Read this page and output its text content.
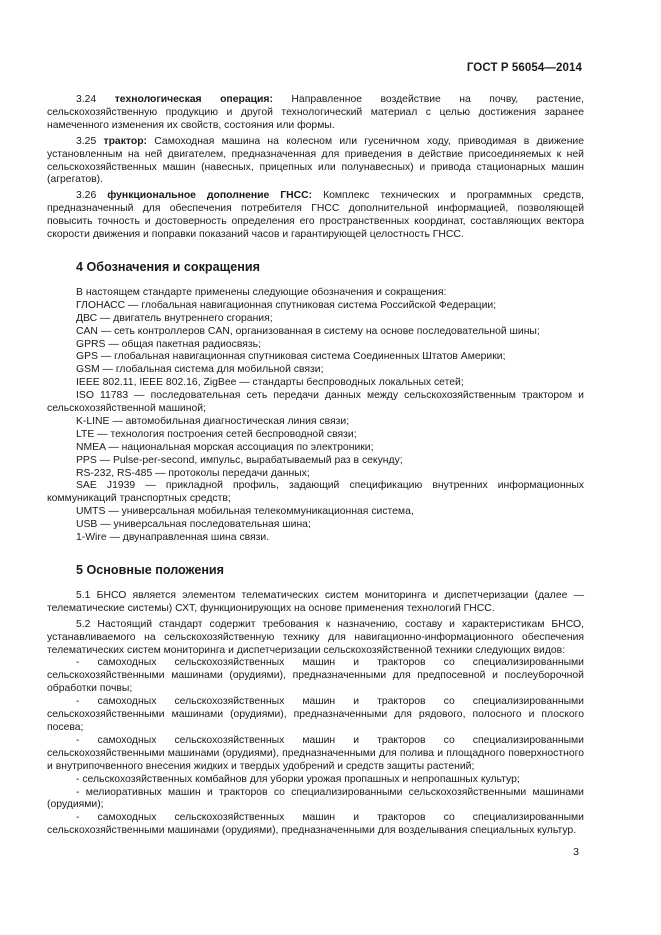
ГОСТ Р 56054—2014

3.24 технологическая операция: Направленное воздействие на почву, растение, сельскохозяйственную продукцию и другой технологический материал с целью достижения заранее намеченного изменения их свойств, состояния или формы.

3.25 трактор: Самоходная машина на колесном или гусеничном ходу, приводимая в движение установленным на ней двигателем, предназначенная для приведения в действие присоединяемых к ней сельскохозяйственных машин (навесных, прицепных или полунавесных) и привода стационарных машин (агрегатов).

3.26 функциональное дополнение ГНСС: Комплекс технических и программных средств, предназначенный для обеспечения потребителя ГНСС дополнительной информацией, позволяющей повысить точность и достоверность определения его пространственных координат, составляющих вектора скорости движения и поправки показаний часов и гарантирующей целостность ГНСС.

4 Обозначения и сокращения

В настоящем стандарте применены следующие обозначения и сокращения:

ГЛОНАСС — глобальная навигационная спутниковая система Российской Федерации;
ДВС — двигатель внутреннего сгорания;
CAN — сеть контроллеров CAN, организованная в систему на основе последовательной шины;
GPRS — общая пакетная радиосвязь;
GPS — глобальная навигационная спутниковая система Соединенных Штатов Америки;
GSM — глобальная система для мобильной связи;
IEEE 802.11, IEEE 802.16, ZigBee — стандарты беспроводных локальных сетей;
ISO 11783 — последовательная сеть передачи данных между сельскохозяйственным трактором и сельскохозяйственной машиной;
K-LINE — автомобильная диагностическая линия связи;
LTE — технология построения сетей беспроводной связи;
NMEA — национальная морская ассоциация по электроники;
PPS — Pulse-per-second, импульс, вырабатываемый раз в секунду;
RS-232, RS-485 — протоколы передачи данных;
SAE J1939 — прикладной профиль, задающий спецификацию внутренних информационных коммуникаций транспортных средств;
UMTS — универсальная мобильная телекоммуникационная система,
USB — универсальная последовательная шина;
1-Wire — двунаправленная шина связи.
5 Основные положения

5.1 БНСО является элементом телематических систем мониторинга и диспетчеризации (далее — телематические системы) СХТ, функционирующих на основе применения технологий ГНСС.

5.2 Настоящий стандарт содержит требования к назначению, составу и характеристикам БНСО, устанавливаемого на сельскохозяйственную технику для навигационно-информационного обеспечения телематических систем мониторинга и диспетчеризации сельскохозяйственной техники следующих видов:

- самоходных сельскохозяйственных машин и тракторов со специализированными сельскохозяйственными машинами (орудиями), предназначенными для предпосевной и послеуборочной обработки почвы;
- самоходных сельскохозяйственных машин и тракторов со специализированными сельскохозяйственными машинами (орудиями), предназначенными для рядового, полосного и плоского посева;
- самоходных сельскохозяйственных машин и тракторов со специализированными сельскохозяйственными машинами (орудиями), предназначенными для полива и площадного поверхностного и внутрипочвенного внесения жидких и твердых удобрений и средств защиты растений;
- сельскохозяйственных комбайнов для уборки урожая пропашных и непропашных культур;
- мелиоративных машин и тракторов со специализированными сельскохозяйственными машинами (орудиями);
- самоходных сельскохозяйственных машин и тракторов со специализированными сельскохозяйственными машинами (орудиями), предназначенными для возделывания специальных культур.
3
